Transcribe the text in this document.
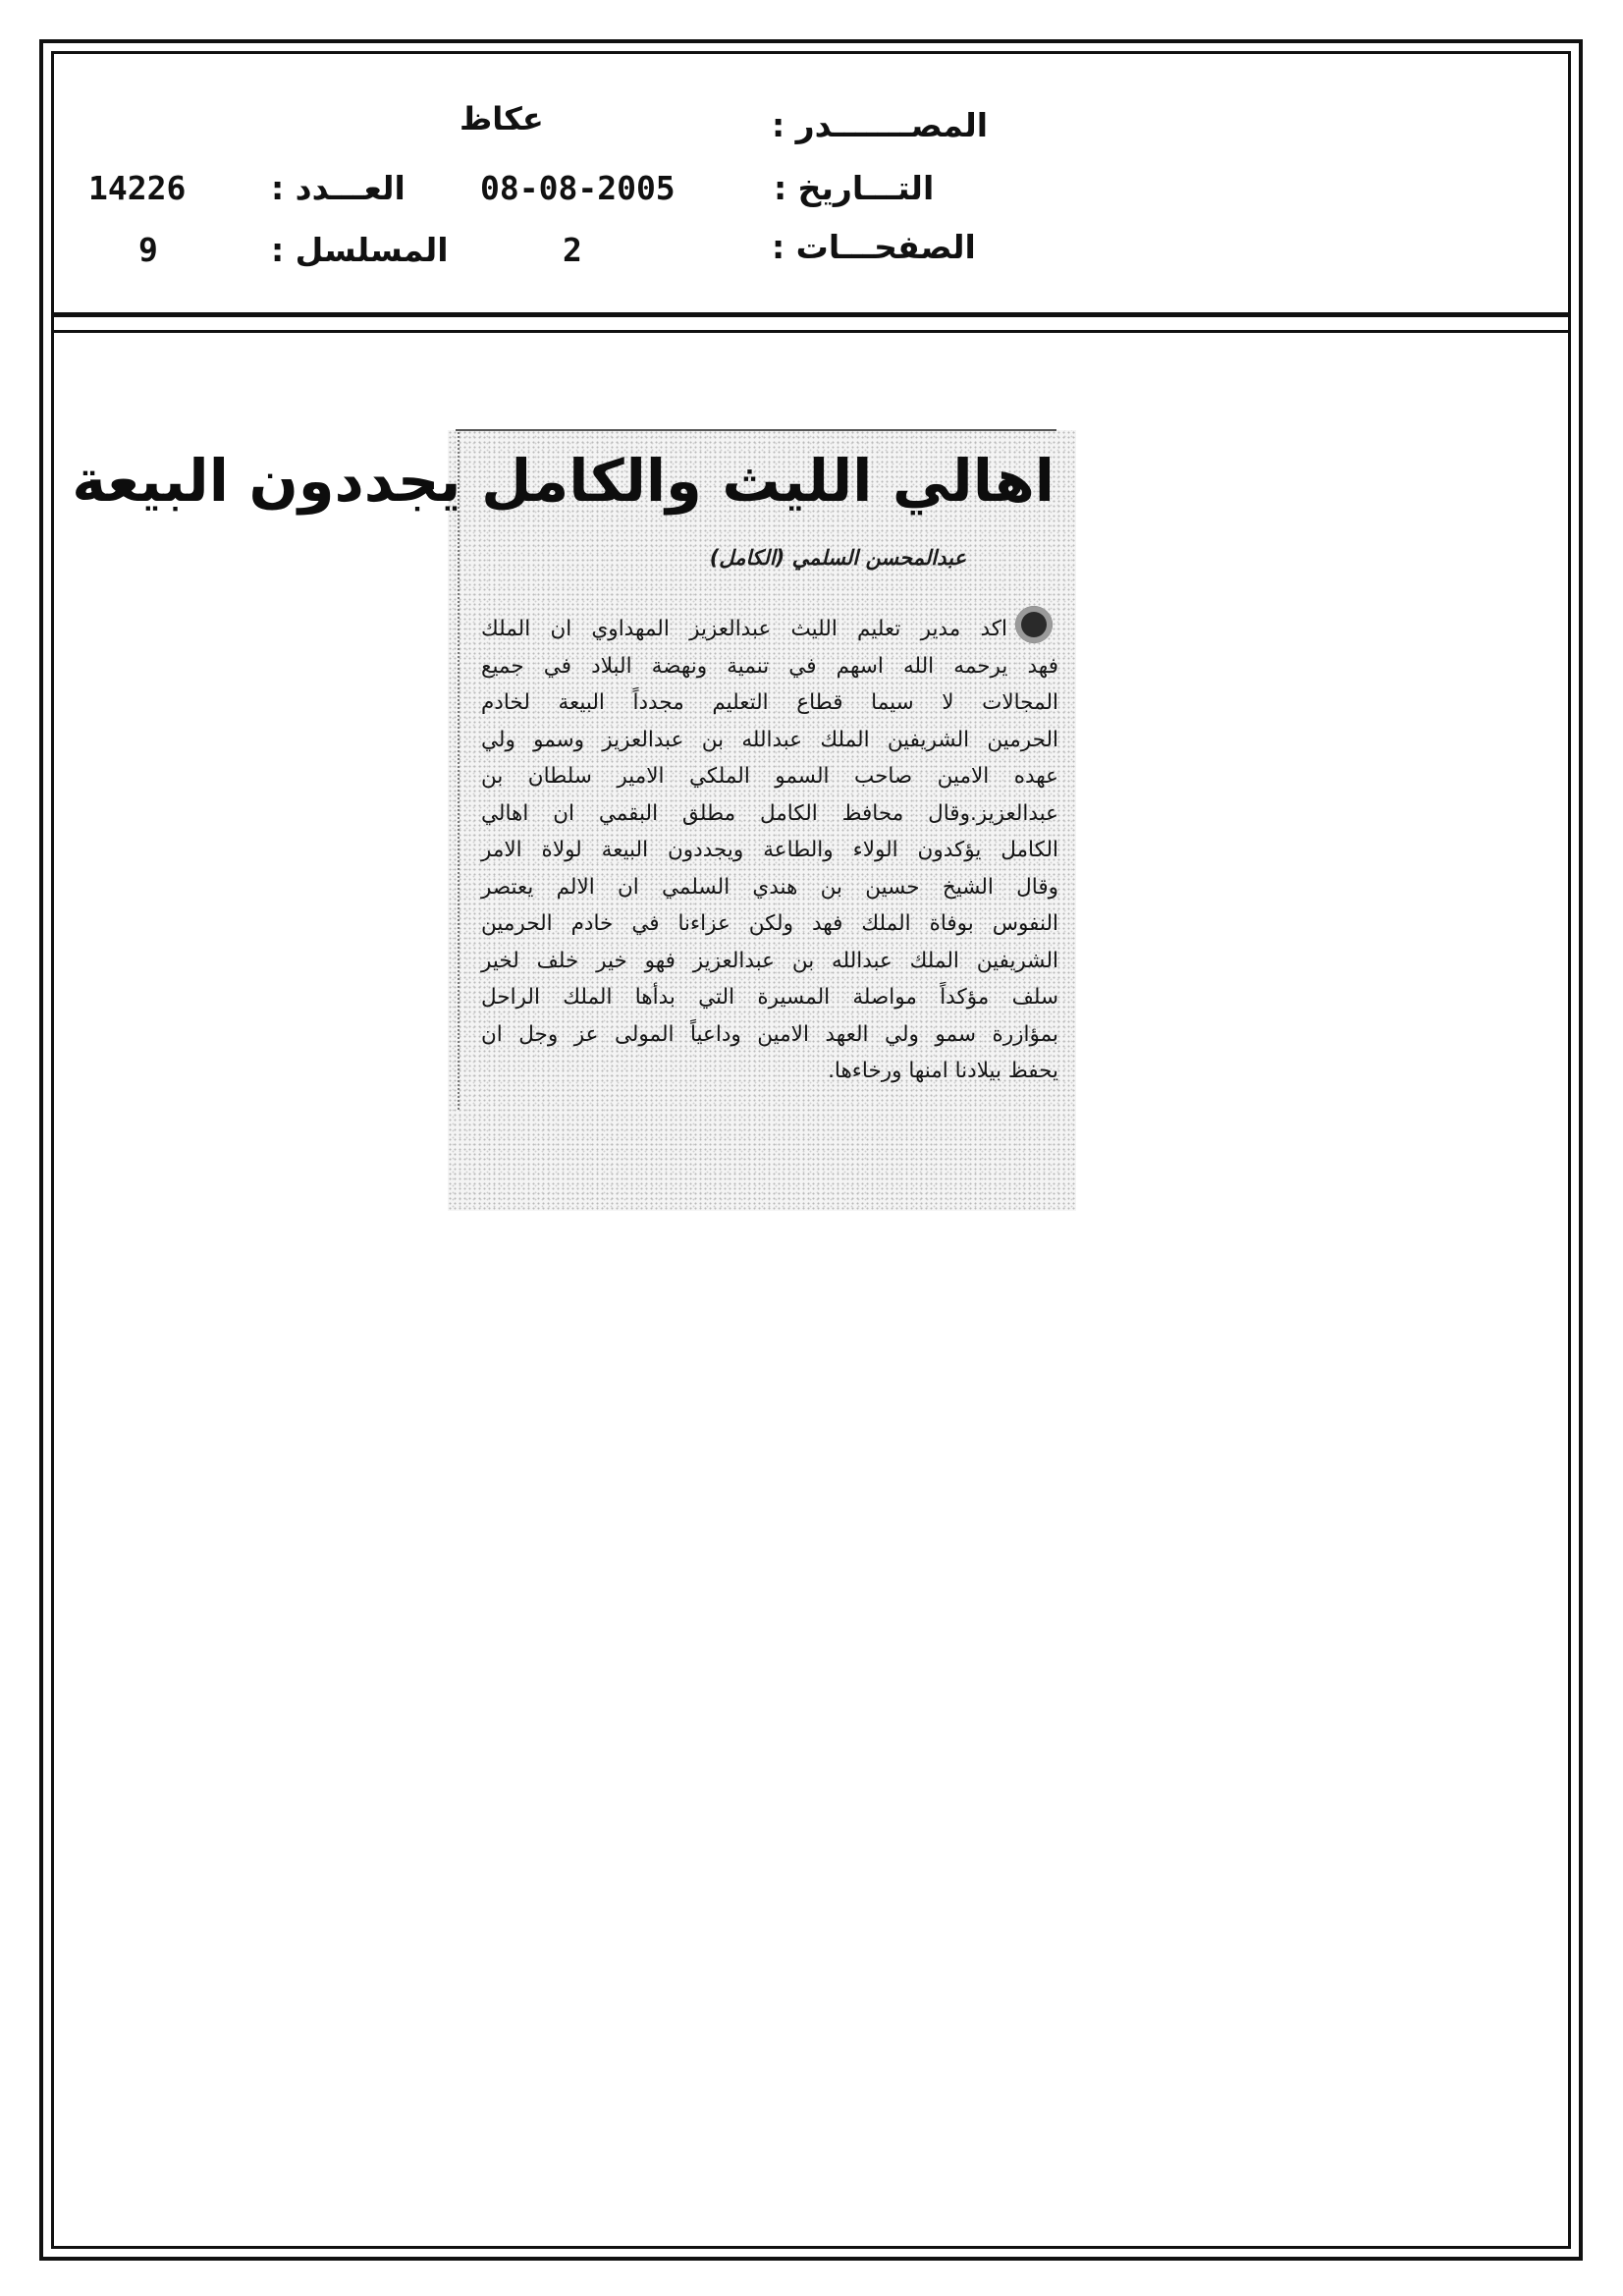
المصـــــــدر :
التـــاريخ :
الصفحـــات :
عكاظ
08-08-2005
2
العـــدد :
المسلسل :
14226
9
اهالي الليث والكامل يجددون البيعة
عبدالمحسن السلمي (الكامل)
اكد مدير تعليم الليث عبدالعزيز المهداوي ان الملك
فهد يرحمه الله اسهم في تنمية ونهضة البلاد في جميع
المجالات لا سيما قطاع التعليم مجدداً البيعة لخادم
الحرمين الشريفين الملك عبدالله بن عبدالعزيز وسمو ولي
عهده الامين صاحب السمو الملكي الامير سلطان بن
عبدالعزيز.وقال محافظ الكامل مطلق البقمي ان اهالي
الكامل يؤكدون الولاء والطاعة ويجددون البيعة لولاة الامر
وقال الشيخ حسين بن هندي السلمي ان الالم يعتصر
النفوس بوفاة الملك فهد ولكن عزاءنا في خادم الحرمين
الشريفين الملك عبدالله بن عبدالعزيز فهو خير خلف لخير
سلف مؤكداً مواصلة المسيرة التي بدأها الملك الراحل
بمؤازرة سمو ولي العهد الامين وداعياً المولى عز وجل ان
يحفظ بيلادنا امنها ورخاءها.
